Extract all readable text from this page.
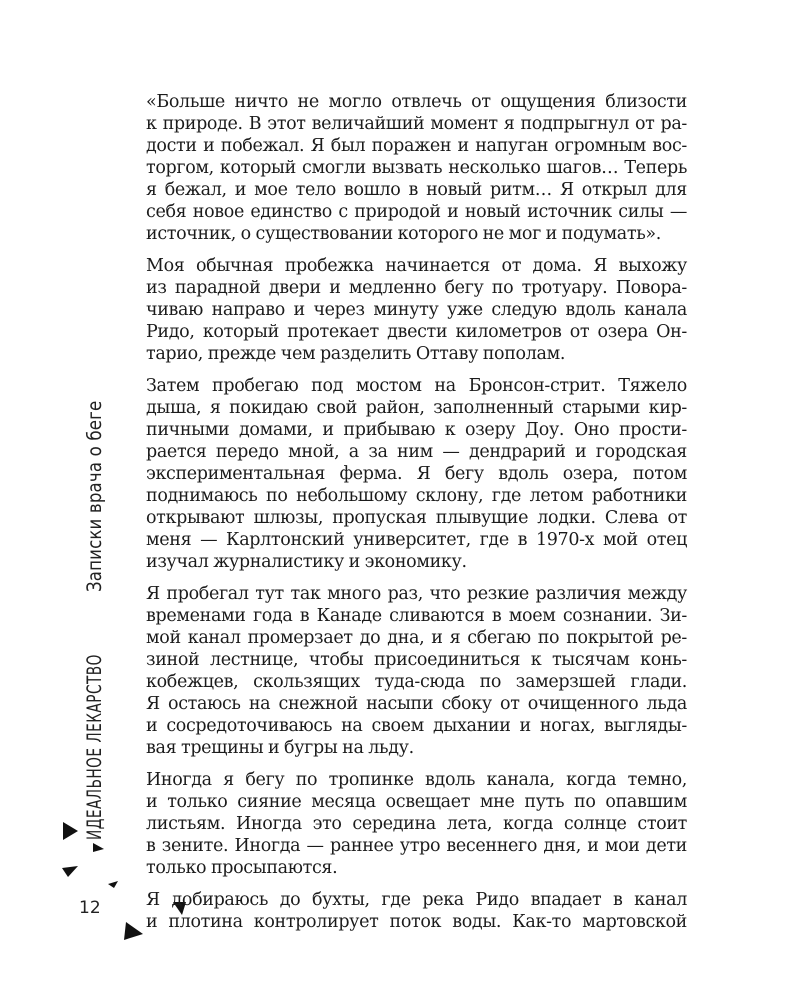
ИДЕАЛЬНОЕ ЛЕКАРСТВОЗаписки врача о беге
12

«Больше ничто не могло отвлечь от ощущения близости
к природе. В этот величайший момент я подпрыгнул от ра-
дости и побежал. Я был поражен и напуган огромным вос-
торгом, который смогли вызвать несколько шагов… Теперь
я бежал, и мое тело вошло в новый ритм… Я открыл для
себя новое единство с природой и новый источник силы —
источник, о существовании которого не мог и подумать».

Моя обычная пробежка начинается от дома. Я выхожу
из парадной двери и медленно бегу по тротуару. Повора-
чиваю направо и через минуту уже следую вдоль канала
Ридо, который протекает двести километров от озера Он-
тарио, прежде чем разделить Оттаву пополам.

Затем пробегаю под мостом на Бронсон-стрит. Тяжело
дыша, я покидаю свой район, заполненный старыми кир-
пичными домами, и прибываю к озеру Доу. Оно прости-
рается передо мной, а за ним — дендрарий и городская
экспериментальная ферма. Я бегу вдоль озера, потом
поднимаюсь по небольшому склону, где летом работники
открывают шлюзы, пропуская плывущие лодки. Слева от
меня — Карлтонский университет, где в 1970-х мой отец
изучал журналистику и экономику.

Я пробегал тут так много раз, что резкие различия между
временами года в Канаде сливаются в моем сознании. Зи-
мой канал промерзает до дна, и я сбегаю по покрытой ре-
зиной лестнице, чтобы присоединиться к тысячам конь-
кобежцев, скользящих туда-сюда по замерзшей глади.
Я остаюсь на снежной насыпи сбоку от очищенного льда
и сосредоточиваюсь на своем дыхании и ногах, выгляды-
вая трещины и бугры на льду.

Иногда я бегу по тропинке вдоль канала, когда темно,
и только сияние месяца освещает мне путь по опавшим
листьям. Иногда это середина лета, когда солнце стоит
в зените. Иногда — раннее утро весеннего дня, и мои дети
только просыпаются.

Я добираюсь до бухты, где река Ридо впадает в канал
и плотина контролирует поток воды. Как-то мартовской
